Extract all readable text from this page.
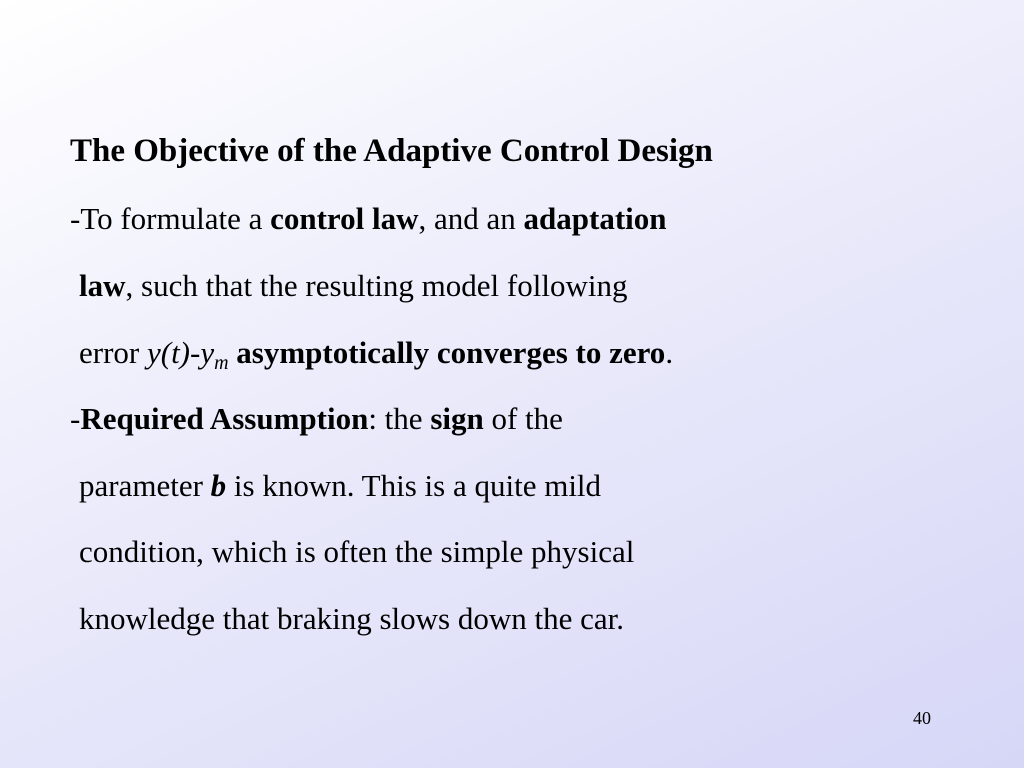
The Objective of the Adaptive Control Design
-To formulate a control law, and an adaptation
law, such that the resulting model following
error $y(t)-y_m$ asymptotically converges to zero.
-Required Assumption: the sign of the
parameter b is known. This is a quite mild
condition, which is often the simple physical
knowledge that braking slows down the car.
40
